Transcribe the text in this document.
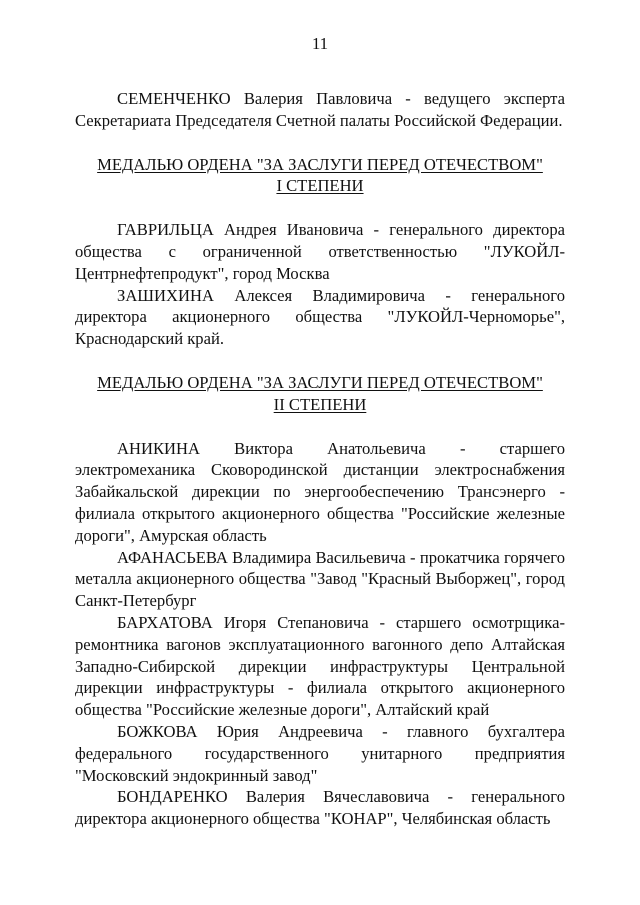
11

СЕМЕНЧЕНКО Валерия Павловича - ведущего эксперта Секретариата Председателя Счетной палаты Российской Федерации.

МЕДАЛЬЮ ОРДЕНА "ЗА ЗАСЛУГИ ПЕРЕД ОТЕЧЕСТВОМ"

I СТЕПЕНИ

ГАВРИЛЬЦА Андрея Ивановича - генерального директора общества с ограниченной ответственностью "ЛУКОЙЛ-Центрнефтепродукт", город Москва

ЗАШИХИНА Алексея Владимировича - генерального директора акционерного общества "ЛУКОЙЛ-Черноморье", Краснодарский край.

МЕДАЛЬЮ ОРДЕНА "ЗА ЗАСЛУГИ ПЕРЕД ОТЕЧЕСТВОМ"

II СТЕПЕНИ

АНИКИНА Виктора Анатольевича - старшего электромеханика Сковородинской дистанции электроснабжения Забайкальской дирекции по энергообеспечению Трансэнерго - филиала открытого акционерного общества "Российские железные дороги", Амурская область

АФАНАСЬЕВА Владимира Васильевича - прокатчика горячего металла акционерного общества "Завод "Красный Выборжец", город Санкт-Петербург

БАРХАТОВА Игоря Степановича - старшего осмотрщика-ремонтника вагонов эксплуатационного вагонного депо Алтайская Западно-Сибирской дирекции инфраструктуры Центральной дирекции инфраструктуры - филиала открытого акционерного общества "Российские железные дороги", Алтайский край

БОЖКОВА Юрия Андреевича - главного бухгалтера федерального государственного унитарного предприятия "Московский эндокринный завод"

БОНДАРЕНКО Валерия Вячеславовича - генерального директора акционерного общества "КОНАР", Челябинская область
